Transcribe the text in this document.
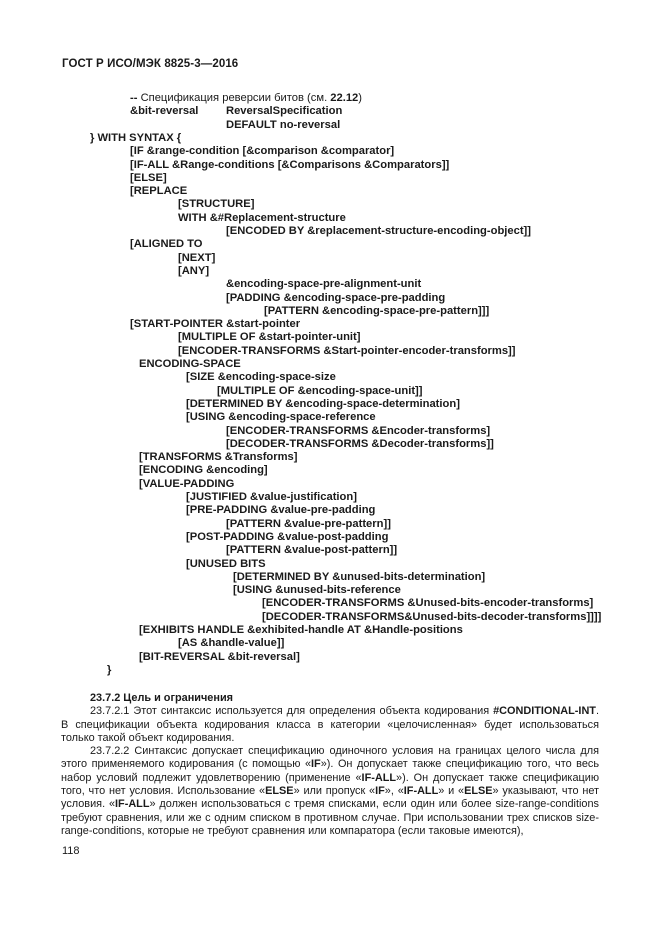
ГОСТ Р ИСО/МЭК 8825-3—2016
-- Спецификация реверсии битов (см. 22.12)
&bit-reversal ReversalSpecification
DEFAULT no-reversal
} WITH SYNTAX {
[IF &range-condition [&comparison &comparator]
[IF-ALL &Range-conditions [&Comparisons &Comparators]]
[ELSE]
[REPLACE
[STRUCTURE]
WITH &#Replacement-structure
[ENCODED BY &replacement-structure-encoding-object]]
[ALIGNED TO
[NEXT]
[ANY]
&encoding-space-pre-alignment-unit
[PADDING &encoding-space-pre-padding
[PATTERN &encoding-space-pre-pattern]]]
[START-POINTER &start-pointer
[MULTIPLE OF &start-pointer-unit]
[ENCODER-TRANSFORMS &Start-pointer-encoder-transforms]]
ENCODING-SPACE
[SIZE &encoding-space-size
[MULTIPLE OF &encoding-space-unit]]
[DETERMINED BY &encoding-space-determination]
[USING &encoding-space-reference
[ENCODER-TRANSFORMS &Encoder-transforms]
[DECODER-TRANSFORMS &Decoder-transforms]]
[TRANSFORMS &Transforms]
[ENCODING &encoding]
[VALUE-PADDING
[JUSTIFIED &value-justification]
[PRE-PADDING &value-pre-padding
[PATTERN &value-pre-pattern]]
[POST-PADDING &value-post-padding
[PATTERN &value-post-pattern]]
[UNUSED BITS
[DETERMINED BY &unused-bits-determination]
[USING &unused-bits-reference
[ENCODER-TRANSFORMS &Unused-bits-encoder-transforms]
[DECODER-TRANSFORMS&Unused-bits-decoder-transforms]]]]
[EXHIBITS HANDLE &exhibited-handle AT &Handle-positions
[AS &handle-value]]
[BIT-REVERSAL &bit-reversal]
}

23.7.2 Цель и ограничения

23.7.2.1 Этот синтаксис используется для определения объекта кодирования #CONDITIONAL-INT. В спецификации объекта кодирования класса в категории «целочисленная» будет использоваться только такой объект кодирования.

23.7.2.2 Синтаксис допускает спецификацию одиночного условия на границах целого числа для этого применяемого кодирования (с помощью «IF»). Он допускает также спецификацию того, что весь набор условий подлежит удовлетворению (применение «IF-ALL»). Он допускает также спецификацию того, что нет условия. Использование «ELSE» или пропуск «IF», «IF-ALL» и «ELSE» указывают, что нет условия. «IF-ALL» должен использоваться с тремя списками, если один или более size-range-conditions требуют сравнения, или же с одним списком в противном случае. При использовании трех списков size-range-conditions, которые не требуют сравнения или компаратора (если таковые имеются),

118
